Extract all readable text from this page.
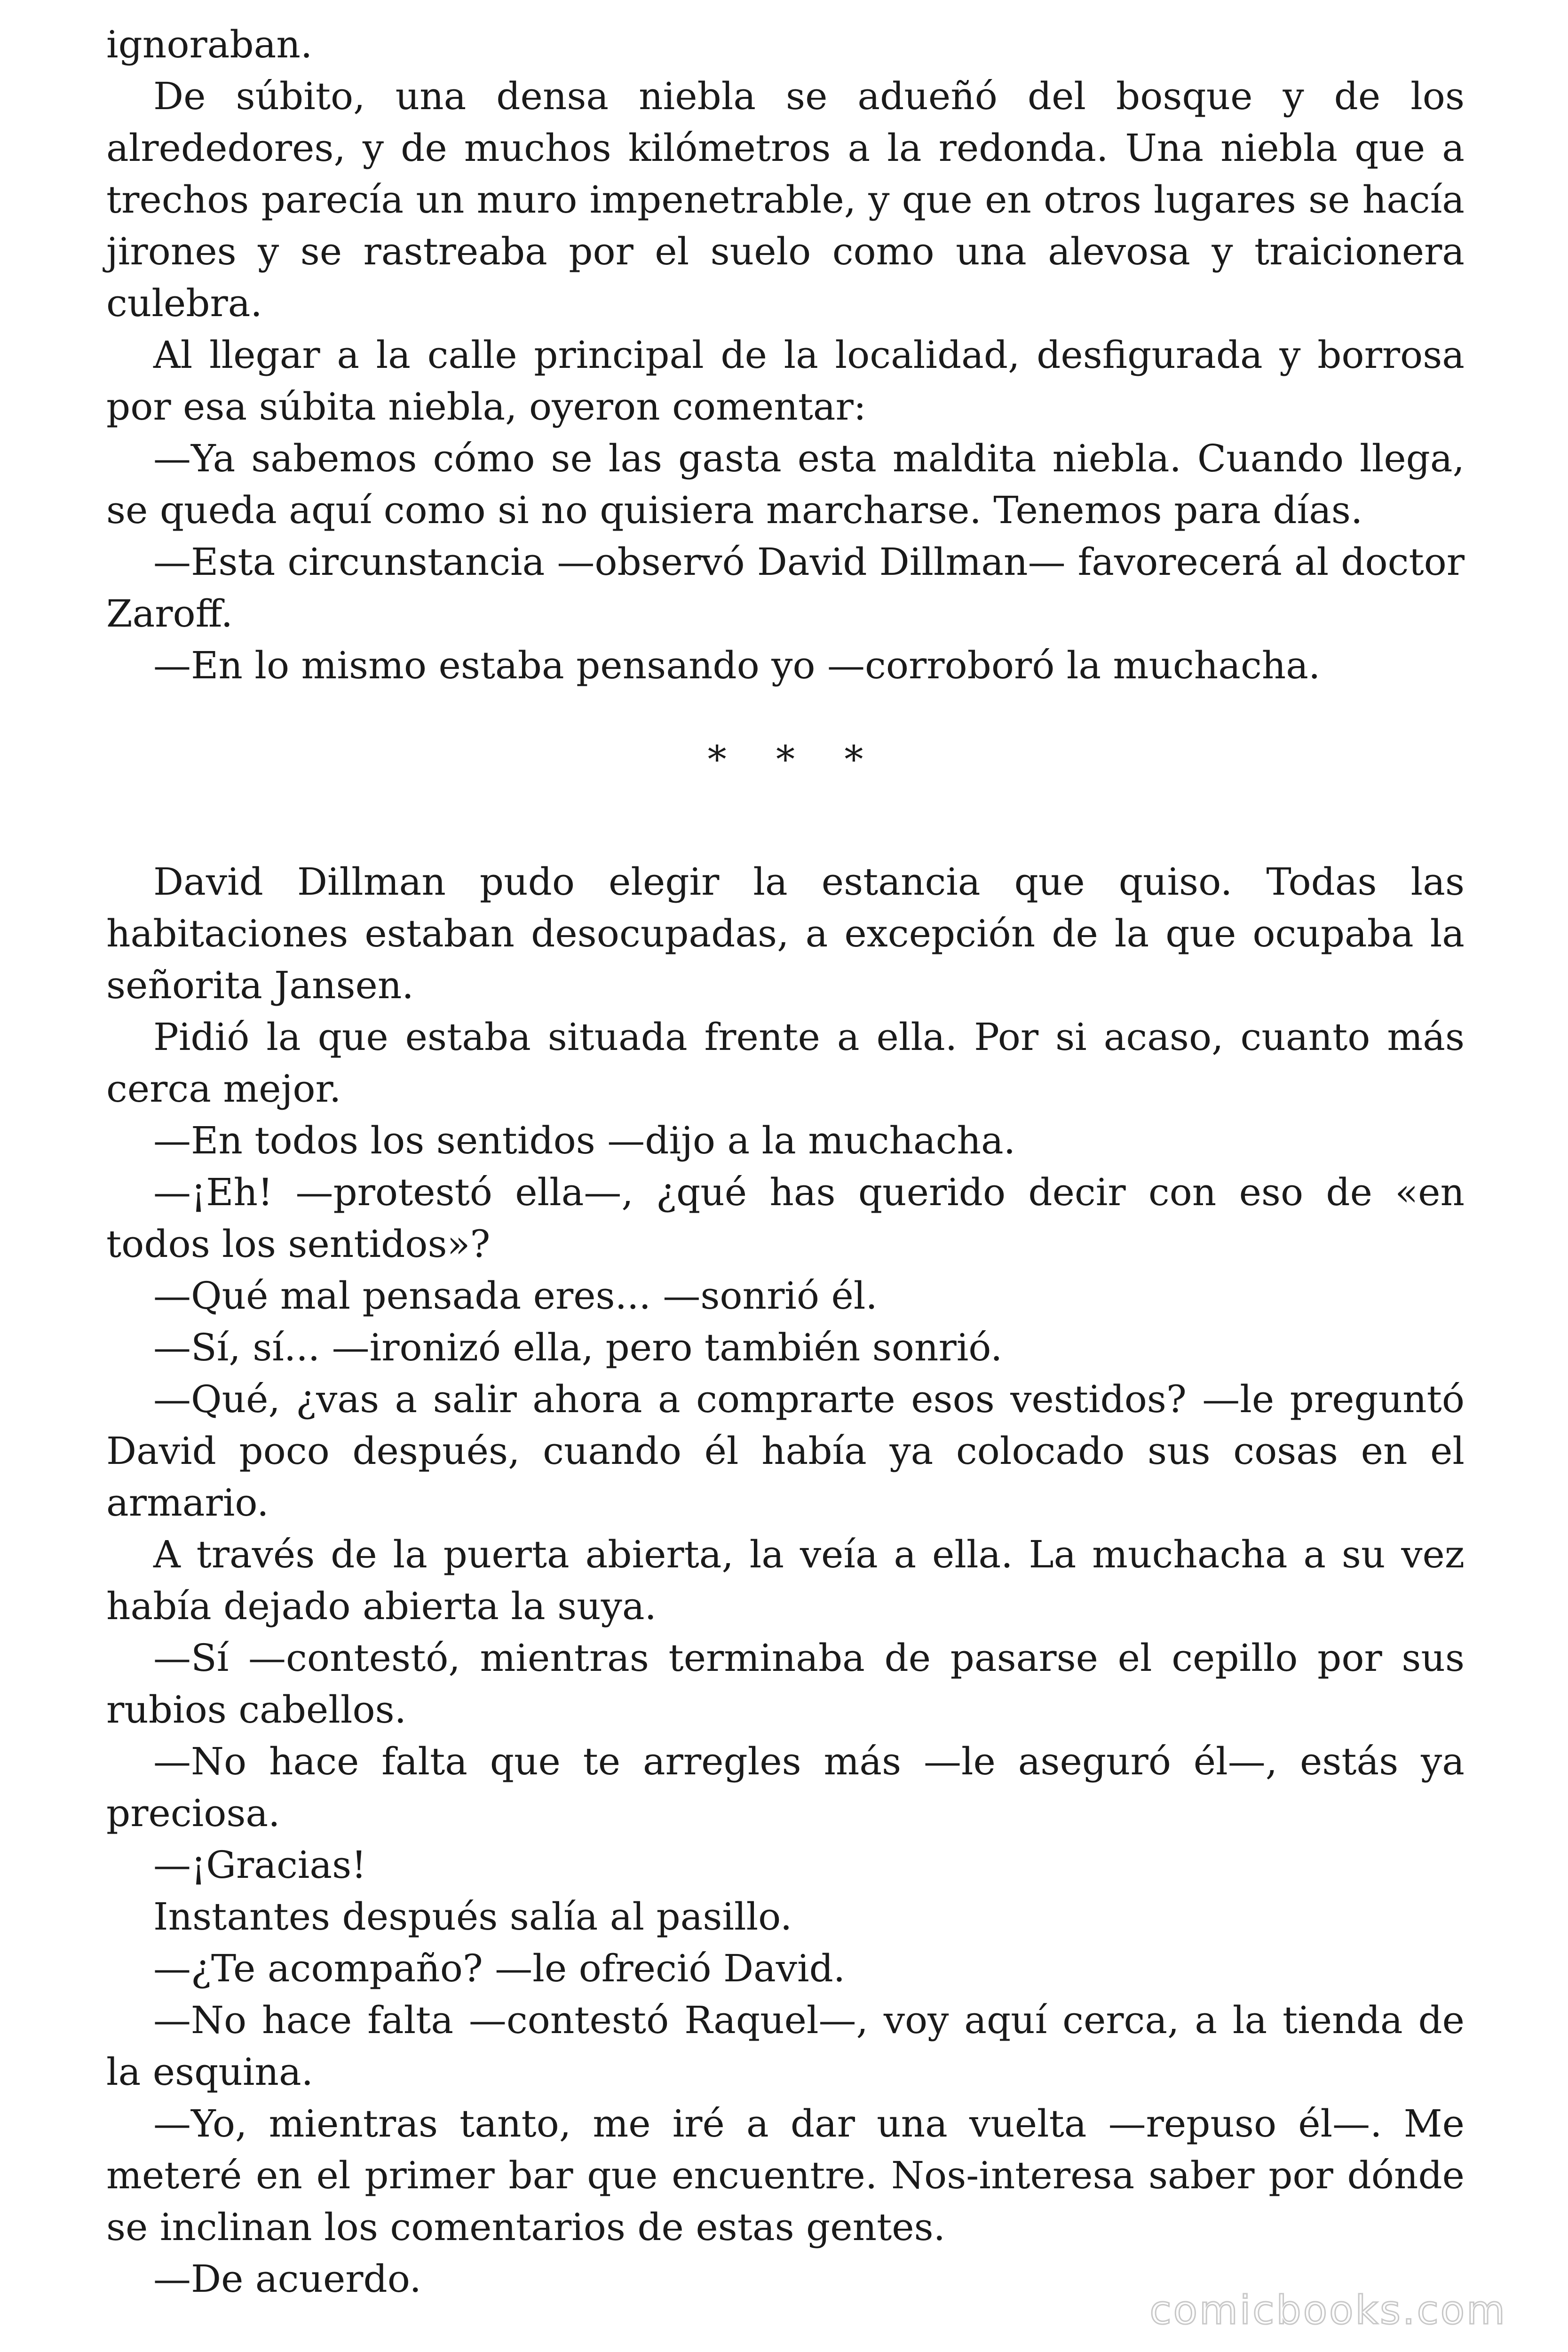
ignoraban.

De súbito, una densa niebla se adueñó del bosque y de los alrededores, y de muchos kilómetros a la redonda. Una niebla que a trechos parecía un muro impenetrable, y que en otros lugares se hacía jirones y se rastreaba por el suelo como una alevosa y traicionera culebra.

Al llegar a la calle principal de la localidad, desfigurada y borrosa por esa súbita niebla, oyeron comentar:

—Ya sabemos cómo se las gasta esta maldita niebla. Cuando llega, se queda aquí como si no quisiera marcharse. Tenemos para días.

—Esta circunstancia —observó David Dillman— favorecerá al doctor Zaroff.

—En lo mismo estaba pensando yo —corroboró la muchacha.

* * *

David Dillman pudo elegir la estancia que quiso. Todas las habitaciones estaban desocupadas, a excepción de la que ocupaba la señorita Jansen.

Pidió la que estaba situada frente a ella. Por si acaso, cuanto más cerca mejor.

—En todos los sentidos —dijo a la muchacha.

—¡Eh! —protestó ella—, ¿qué has querido decir con eso de «en todos los sentidos»?

—Qué mal pensada eres... —sonrió él.

—Sí, sí... —ironizó ella, pero también sonrió.

—Qué, ¿vas a salir ahora a comprarte esos vestidos? —le preguntó David poco después, cuando él había ya colocado sus cosas en el armario.

A través de la puerta abierta, la veía a ella. La muchacha a su vez había dejado abierta la suya.

—Sí —contestó, mientras terminaba de pasarse el cepillo por sus rubios cabellos.

—No hace falta que te arregles más —le aseguró él—, estás ya preciosa.

—¡Gracias!

Instantes después salía al pasillo.

—¿Te acompaño? —le ofreció David.

—No hace falta —contestó Raquel—, voy aquí cerca, a la tienda de la esquina.

—Yo, mientras tanto, me iré a dar una vuelta —repuso él—. Me meteré en el primer bar que encuentre. Nos-interesa saber por dónde se inclinan los comentarios de estas gentes.

—De acuerdo.

comicbooks.com
